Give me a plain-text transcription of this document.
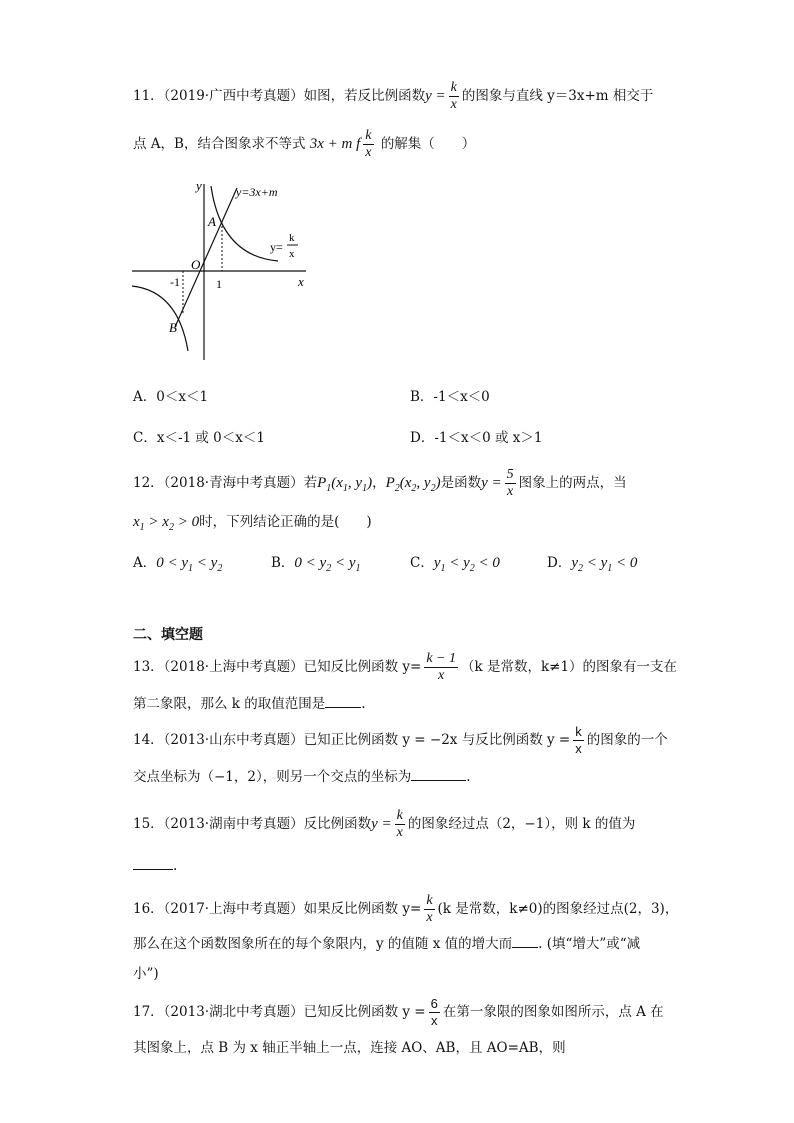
11．（2019·广西中考真题）如图，若反比例函数$y = \frac{k}{x}$ 的图象与直线 y＝3x+m 相交于
点 A，B，结合图象求不等式 3x + m f $\frac{k}{x}$ 的解集（　　）
y
x
O
A
B
-1	1
y=3x+m
y=
k
x
A．0＜x＜1	B．-1＜x＜0
C．x＜-1 或 0＜x＜1	D．-1＜x＜0 或 x＞1
12．（2018·青海中考真题）若$P_1(x_1$, $y_1$)，$P_2(x_2$, $y_2$)是函数$y = \frac{5}{x}$ 图象上的两点，当
$x_1 > x_2 > 0$时，下列结论正确的是(　　)
A．$0 < y_1 < y_2$	B．$0 < y_2 < y_1$	C．$y_1 < y_2 < 0$	D．$y_2 < y_1 < 0$
二、填空题
13．（2018·上海中考真题）已知反比例函数 $y= \frac{k - 1}{x} (k$ 是常数，k≠1）的图象有一支在
第二象限，那么 k 的取值范围是	.
14．（2013·山东中考真题）已知正比例函数 y = −2x 与反比例函数 $y = \frac{k}{x}$ 的图象的一个
交点坐标为（−1，2），则另一个交点的坐标为	.
15．（2013·湖南中考真题）反比例函数$y = \frac{k}{x}$ 的图象经过点（2，−1），则 k 的值为
.
16．（2017·上海中考真题）如果反比例函数 $y= \frac{k}{x} (k$ 是常数，k≠0)的图象经过点(2，3)，
那么在这个函数图象所在的每个象限内，y 的值随 x 值的增大而 . (填“增大”或“减
小”)
17．（2013·湖北中考真题）已知反比例函数 $y = \frac{6}{x}$ 在第一象限的图象如图所示，点 A 在
其图象上，点 B 为 x 轴正半轴上一点，连接 AO、AB，且 AO=AB，则
